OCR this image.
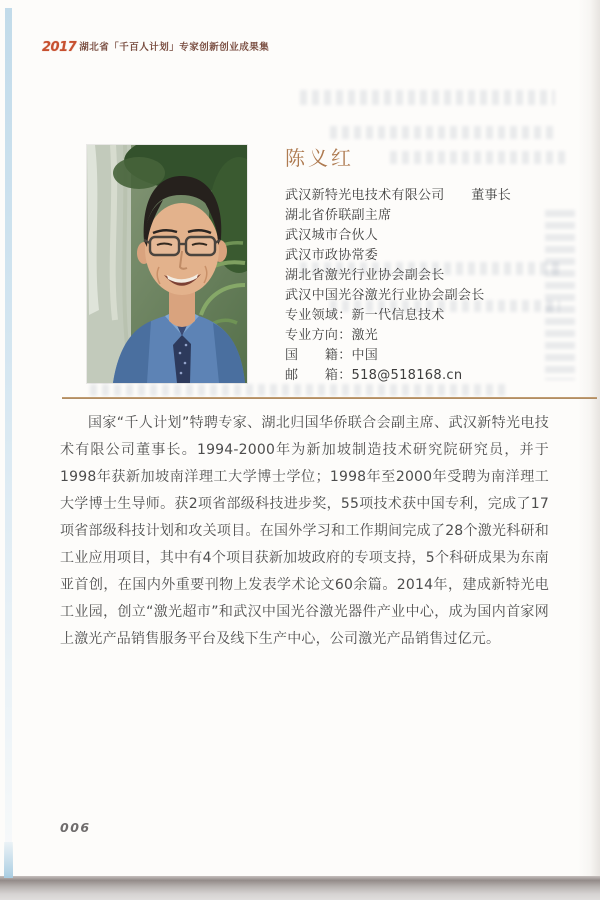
2017 湖北省「千百人计划」专家创新创业成果集
陈义红
武汉新特光电技术有限公司　　董事长
湖北省侨联副主席
武汉城市合伙人
武汉市政协常委
湖北省激光行业协会副会长
武汉中国光谷激光行业协会副会长
专业领域：新一代信息技术
专业方向：激光
国　　籍：中国
邮　　箱：518@518168.cn

国家“千人计划”特聘专家、湖北归国华侨联合会副主席、武汉新特光电技术有限公司董事长。1994-2000年为新加坡制造技术研究院研究员，并于1998年获新加坡南洋理工大学博士学位；1998年至2000年受聘为南洋理工大学博士生导师。获2项省部级科技进步奖，55项技术获中国专利，完成了17项省部级科技计划和攻关项目。在国外学习和工作期间完成了28个激光科研和工业应用项目，其中有4个项目获新加坡政府的专项支持，5个科研成果为东南亚首创，在国内外重要刊物上发表学术论文60余篇。2014年，建成新特光电工业园，创立“激光超市”和武汉中国光谷激光器件产业中心，成为国内首家网上激光产品销售服务平台及线下生产中心，公司激光产品销售过亿元。

006
